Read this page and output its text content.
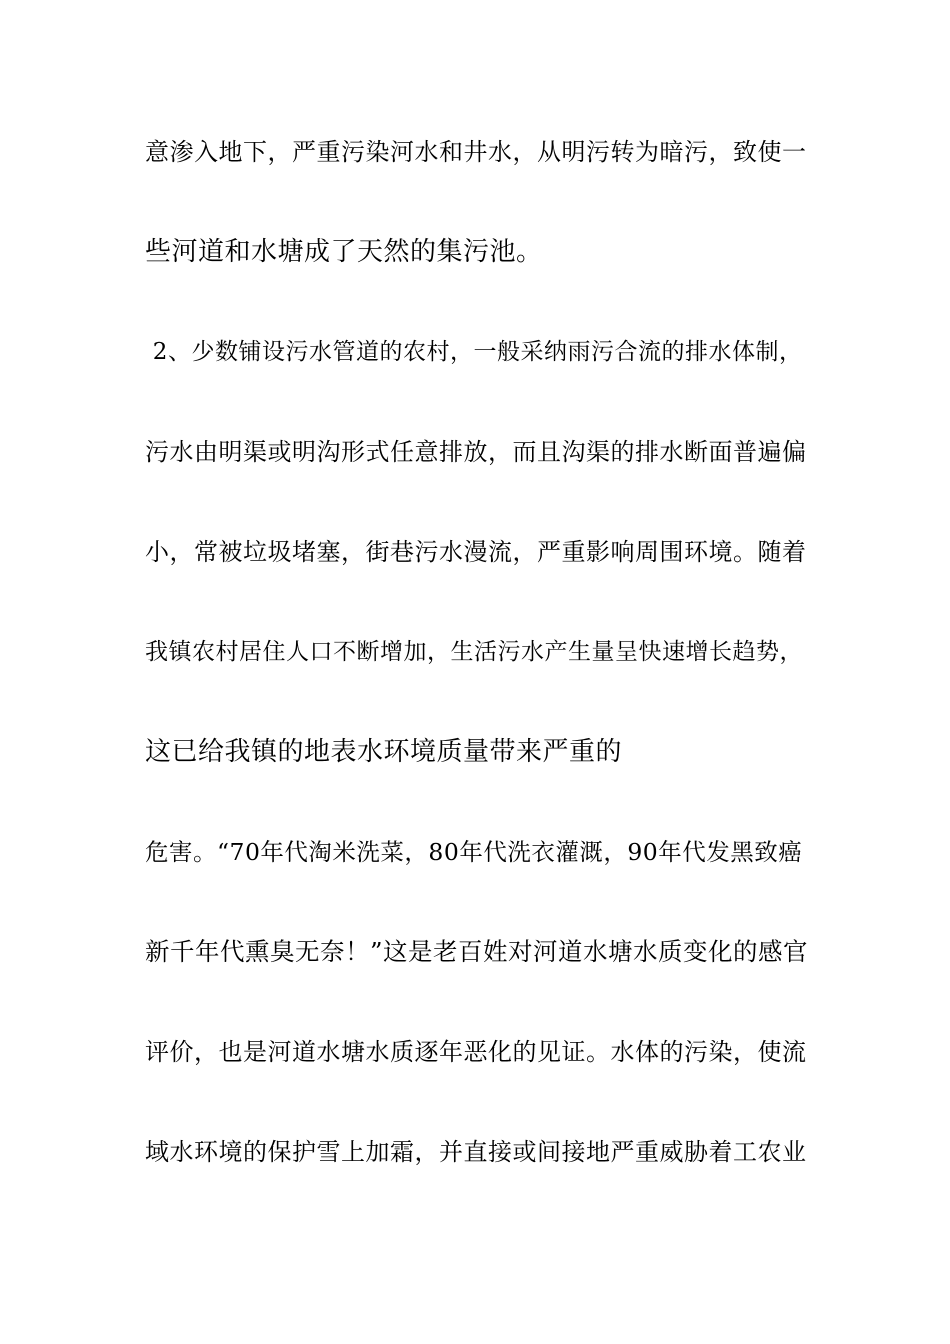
意渗入地下，严重污染河水和井水，从明污转为暗污，致使一
些河道和水塘成了天然的集污池。
2、少数铺设污水管道的农村，一般采纳雨污合流的排水体制，
污水由明渠或明沟形式任意排放，而且沟渠的排水断面普遍偏
小，常被垃圾堵塞，街巷污水漫流，严重影响周围环境。随着
我镇农村居住人口不断增加，生活污水产生量呈快速增长趋势，
这已给我镇的地表水环境质量带来严重的
危害。“70年代淘米洗菜，80年代洗衣灌溉，90年代发黑致癌
新千年代熏臭无奈！”这是老百姓对河道水塘水质变化的感官
评价，也是河道水塘水质逐年恶化的见证。水体的污染，使流
域水环境的保护雪上加霜，并直接或间接地严重威胁着工农业
